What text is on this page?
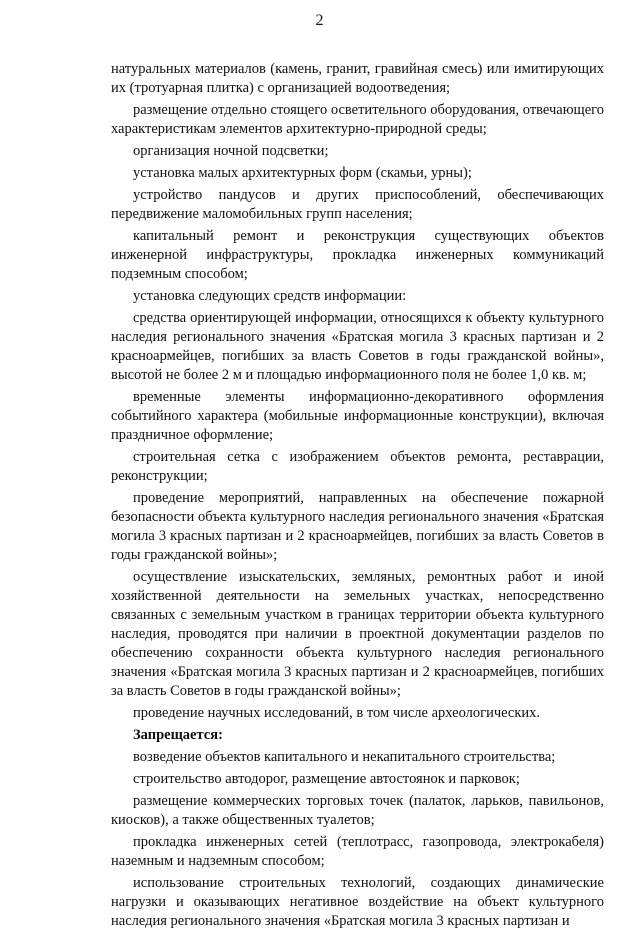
2

натуральных материалов (камень, гранит, гравийная смесь) или имитирующих их (тротуарная плитка) с организацией водоотведения;

размещение отдельно стоящего осветительного оборудования, отвечающего характеристикам элементов архитектурно-природной среды;

организация ночной подсветки;

установка малых архитектурных форм (скамьи, урны);

устройство пандусов и других приспособлений, обеспечивающих передвижение маломобильных групп населения;

капитальный ремонт и реконструкция существующих объектов инженерной инфраструктуры, прокладка инженерных коммуникаций подземным способом;

установка следующих средств информации:

средства ориентирующей информации, относящихся к объекту культурного наследия регионального значения «Братская могила 3 красных партизан и 2 красноармейцев, погибших за власть Советов в годы гражданской войны», высотой не более 2 м и площадью информационного поля не более 1,0 кв. м;

временные элементы информационно-декоративного оформления событийного характера (мобильные информационные конструкции), включая праздничное оформление;

строительная сетка с изображением объектов ремонта, реставрации, реконструкции;

проведение мероприятий, направленных на обеспечение пожарной безопасности объекта культурного наследия регионального значения «Братская могила 3 красных партизан и 2 красноармейцев, погибших за власть Советов в годы гражданской войны»;

осуществление изыскательских, земляных, ремонтных работ и иной хозяйственной деятельности на земельных участках, непосредственно связанных с земельным участком в границах территории объекта культурного наследия, проводятся при наличии в проектной документации разделов по обеспечению сохранности объекта культурного наследия регионального значения «Братская могила 3 красных партизан и 2 красноармейцев, погибших за власть Советов в годы гражданской войны»;

проведение научных исследований, в том числе археологических.

Запрещается:

возведение объектов капитального и некапитального строительства;

строительство автодорог, размещение автостоянок и парковок;

размещение коммерческих торговых точек (палаток, ларьков, павильонов, киосков), а также общественных туалетов;

прокладка инженерных сетей (теплотрасс, газопровода, электрокабеля) наземным и надземным способом;

использование строительных технологий, создающих динамические нагрузки и оказывающих негативное воздействие на объект культурного наследия регионального значения «Братская могила 3 красных партизан и
